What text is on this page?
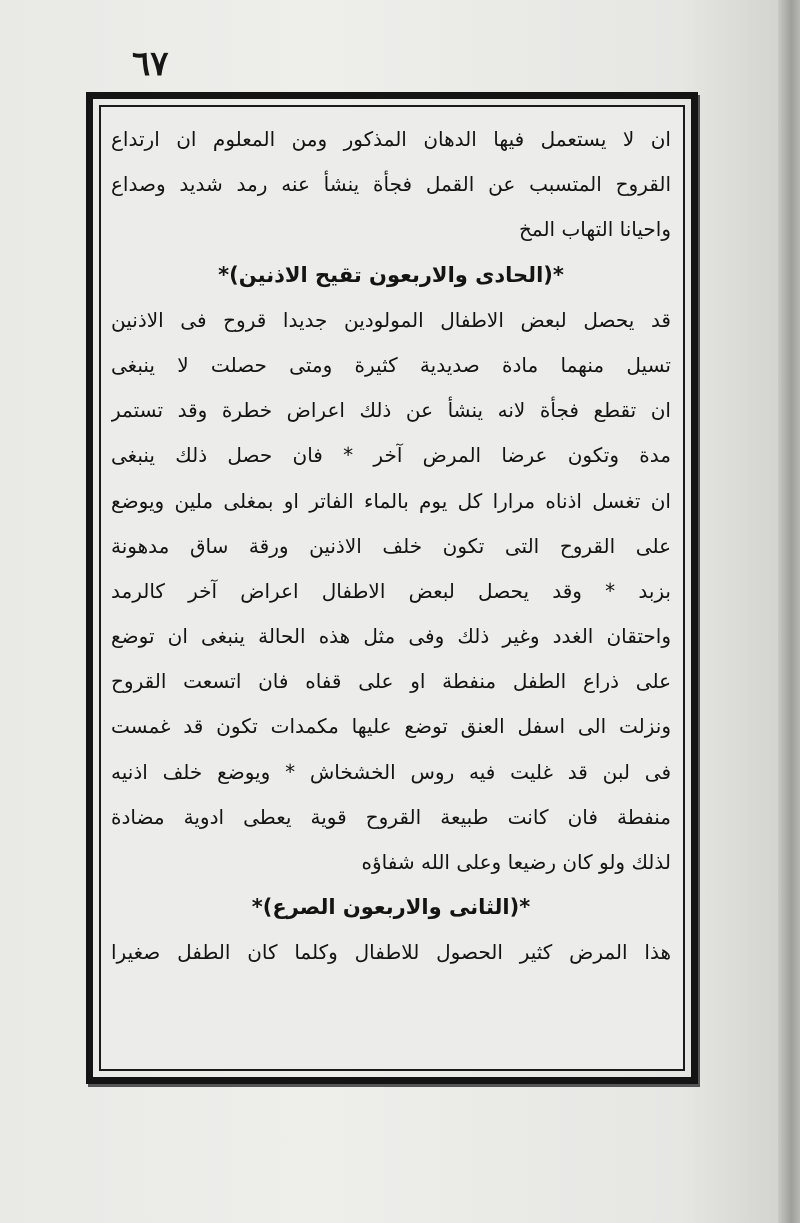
٦٧
ان لا يستعمل فيها الدهان المذكور ومن المعلوم ان ارتداع
القروح المتسبب عن القمل فجأة ينشأ عنه رمد شديد وصداع
واحيانا التهاب المخ
*(الحادى والاربعون تقيح الاذنين)*
قد يحصل لبعض الاطفال المولودين جديدا قروح فى الاذنين
تسيل منهما مادة صديدية كثيرة ومتى حصلت لا ينبغى
ان تقطع فجأة لانه ينشأ عن ذلك اعراض خطرة وقد تستمر
مدة وتكون عرضا المرض آخر * فان حصل ذلك ينبغى
ان تغسل اذناه مرارا كل يوم بالماء الفاتر او بمغلى ملين ويوضع
على القروح التى تكون خلف الاذنين ورقة ساق مدهونة
بزبد * وقد يحصل لبعض الاطفال اعراض آخر كالرمد
واحتقان الغدد وغير ذلك وفى مثل هذه الحالة ينبغى ان توضع
على ذراع الطفل منفطة او على قفاه فان اتسعت القروح
ونزلت الى اسفل العنق توضع عليها مكمدات تكون قد غمست
فى لبن قد غليت فيه روس الخشخاش * ويوضع خلف اذنيه
منفطة فان كانت طبيعة القروح قوية يعطى ادوية مضادة
لذلك ولو كان رضيعا وعلى الله شفاؤه
*(الثانى والاربعون الصرع)*
هذا المرض كثير الحصول للاطفال وكلما كان الطفل صغيرا
